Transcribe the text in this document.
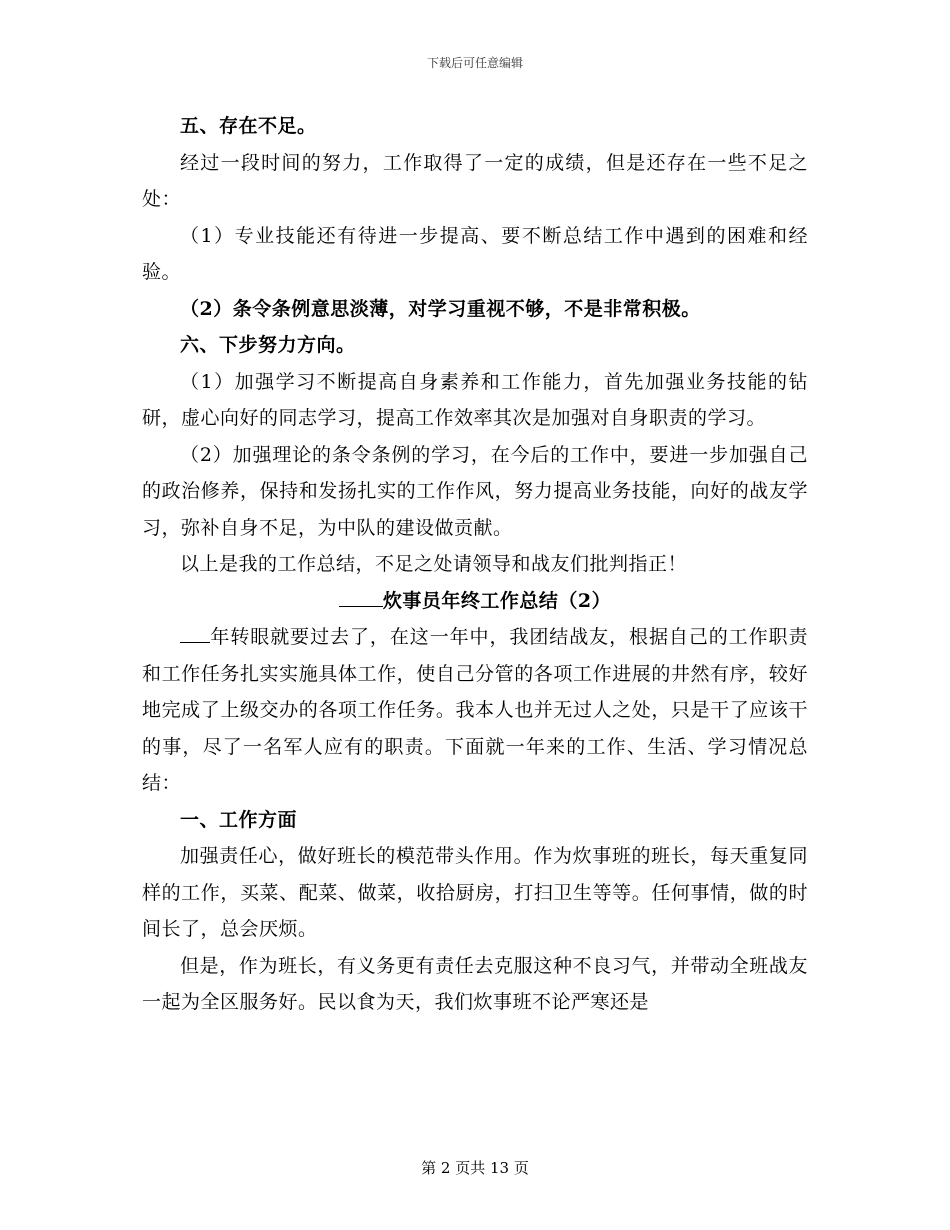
下载后可任意编辑

五、存在不足。

经过一段时间的努力，工作取得了一定的成绩，但是还存在一些不足之处：

（1）专业技能还有待进一步提高、要不断总结工作中遇到的困难和经验。

（2）条令条例意思淡薄，对学习重视不够，不是非常积极。

六、下步努力方向。

（1）加强学习不断提高自身素养和工作能力，首先加强业务技能的钻研，虚心向好的同志学习，提高工作效率其次是加强对自身职责的学习。

（2）加强理论的条令条例的学习，在今后的工作中，要进一步加强自己的政治修养，保持和发扬扎实的工作作风，努力提高业务技能，向好的战友学习，弥补自身不足，为中队的建设做贡献。

以上是我的工作总结，不足之处请领导和战友们批判指正！

炊事员年终工作总结（2）

年转眼就要过去了，在这一年中，我团结战友，根据自己的工作职责和工作任务扎实实施具体工作，使自己分管的各项工作进展的井然有序，较好地完成了上级交办的各项工作任务。我本人也并无过人之处，只是干了应该干的事，尽了一名军人应有的职责。下面就一年来的工作、生活、学习情况总结：

一、工作方面

加强责任心，做好班长的模范带头作用。作为炊事班的班长，每天重复同样的工作，买菜、配菜、做菜，收拾厨房，打扫卫生等等。任何事情，做的时间长了，总会厌烦。

但是，作为班长，有义务更有责任去克服这种不良习气，并带动全班战友一起为全区服务好。民以食为天，我们炊事班不论严寒还是

第 2 页共 13 页
